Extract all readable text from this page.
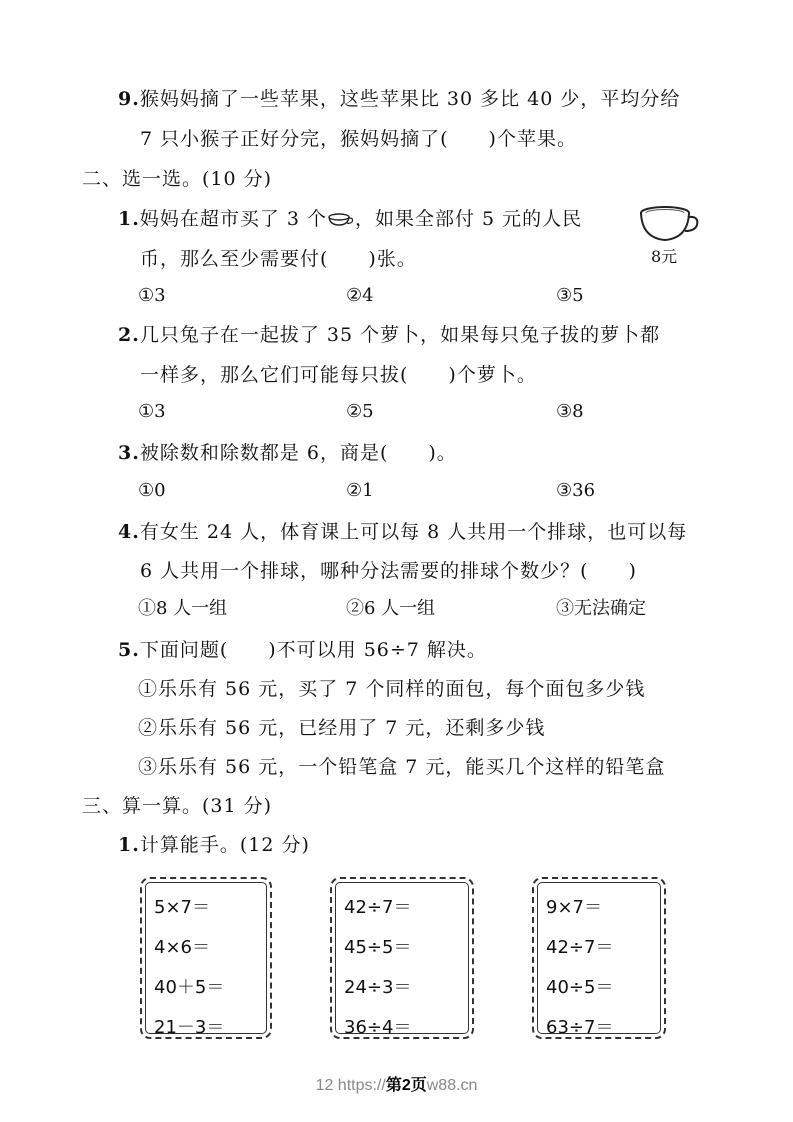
9.猴妈妈摘了一些苹果，这些苹果比 30 多比 40 少，平均分给
7 只小猴子正好分完，猴妈妈摘了(　　)个苹果。
二、选一选。(10 分)
1.妈妈在超市买了 3 个 ，如果全部付 5 元的人民
币，那么至少需要付(　　)张。	8元
①3	②4	③5
2.几只兔子在一起拔了 35 个萝卜，如果每只兔子拔的萝卜都
一样多，那么它们可能每只拔(　　)个萝卜。
①3	②5	③8
3.被除数和除数都是 6，商是(　　)。
①0	②1	③36
4.有女生 24 人，体育课上可以每 8 人共用一个排球，也可以每
6 人共用一个排球，哪种分法需要的排球个数少？(　　)
①8 人一组	②6 人一组	③无法确定
5.下面问题(　　)不可以用 56÷7 解决。
①乐乐有 56 元，买了 7 个同样的面包，每个面包多少钱
②乐乐有 56 元，已经用了 7 元，还剩多少钱
③乐乐有 56 元，一个铅笔盒 7 元，能买几个这样的铅笔盒
三、算一算。(31 分)
1.计算能手。(12 分)
5×7＝
4×6＝
40＋5＝
21－3＝
42÷7＝
45÷5＝
24÷3＝
36÷4＝
9×7＝
42÷7＝
40÷5＝
63÷7＝
12 https://第2页w88.cn
